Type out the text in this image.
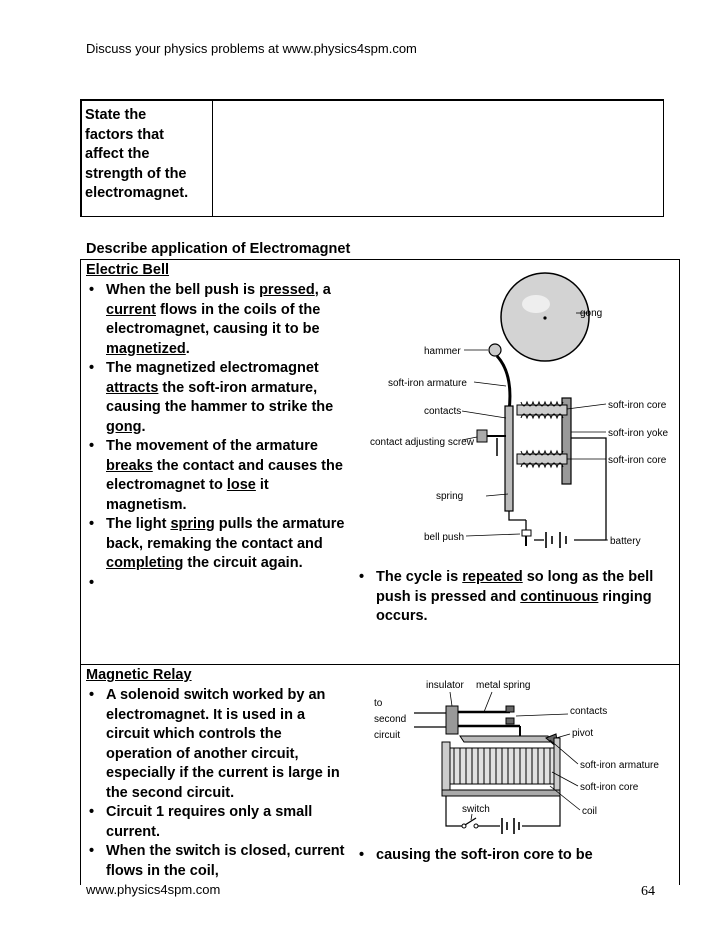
Discuss your physics problems at www.physics4spm.com
State the
factors that
affect the
strength of the
electromagnet.
Describe application of Electromagnet
Electric Bell
• When the bell push is pressed, a current flows in the coils of the electromagnet, causing it to be magnetized.
• The magnetized electromagnet attracts the soft-iron armature, causing the hammer to strike the gong.
• The movement of the armature breaks the contact and causes the electromagnet to lose it magnetism.
• The light spring pulls the armature back, remaking the contact and completing the circuit again.
•
• The cycle is repeated so long as the bell push is pressed and continuous ringing occurs.
gong
hammer
soft-iron armature
contacts
contact adjusting screw
spring
bell push
soft-iron core
soft-iron yoke
soft-iron core
battery
Magnetic Relay
• A solenoid switch worked by an electromagnet. It is used in a circuit which controls the operation of another circuit, especially if the current is large in the second circuit.
• Circuit 1 requires only a small current.
• When the switch is closed, current flows in the coil,
• causing the soft-iron core to be
insulator metal spring
to
second
circuit
contacts
pivot
soft-iron armature
soft-iron core
coil
switch
www.physics4spm.com	64
